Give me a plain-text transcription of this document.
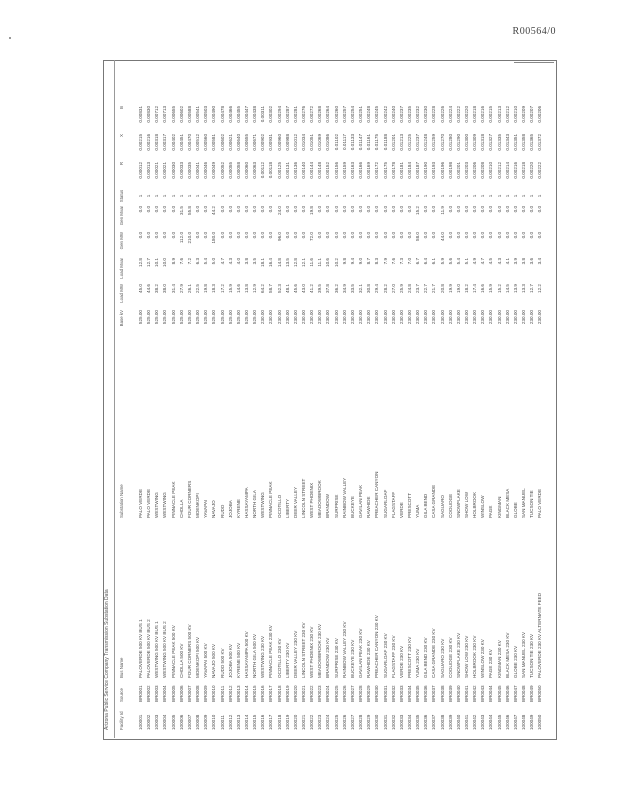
R00564/0
Arizona Public Service Company Transmission Substation Data Facility Id
Source
Bus Name
Substation Name
Base kV
Load MW
Load Mvar
Gen MW
Gen Mvar
Status
R
X
B
100001
BR0001
PALOVERDE 500 KV BUS 1
PALO VERDE
525.00
45.0
12.8
0.0
0.0
1
0.00012
0.00215
0.00831
100002
BR0002
PALOVERDE 500 KV BUS 2
PALO VERDE
525.00
44.6
12.7
0.0
0.0
1
0.00013
0.00216
0.00830
100003
BR0003
WESTWING 500 KV BUS 1
WESTWING
525.00
38.2
10.1
0.0
0.0
1
0.00021
0.00318
0.00712
100004
BR0004
WESTWING 500 KV BUS 2
WESTWING
525.00
38.0
10.0
0.0
0.0
1
0.00021
0.00317
0.00713
100005
BR0005
PINNACLE PEAK 500 KV
PINNACLE PEAK
525.00
31.4
8.9
0.0
0.0
1
0.00030
0.00402
0.00655
100006
BR0006
CHOLLA 500 KV
CHOLLA
525.00
27.9
7.6
112.0
31.5
1
0.00033
0.00451
0.00602
100007
BR0007
FOUR CORNERS 500 KV
FOUR CORNERS
525.00
26.1
7.2
210.0
55.8
1
0.00035
0.00470
0.00588
100008
BR0008
MOENKOPI 500 KV
MOENKOPI
525.00
22.5
6.3
0.0
0.0
1
0.00041
0.00512
0.00541
100009
BR0009
YAVAPAI 500 KV
YAVAPAI
525.00
19.8
5.4
0.0
0.0
1
0.00046
0.00560
0.00503
100010
BR0010
NAVAJO 500 KV
NAVAJO
525.00
18.3
5.0
180.0
44.2
1
0.00049
0.00581
0.00490
100011
BR0011
RUDD 500 KV
RUDD
525.00
17.2
4.7
0.0
0.0
1
0.00052
0.00602
0.00478
100012
BR0012
JOJOBA 500 KV
JOJOBA
525.00
15.9
4.3
0.0
0.0
1
0.00055
0.00621
0.00466
100013
BR0013
KYRENE 500 KV
KYRENE
525.00
14.6
4.0
0.0
0.0
1
0.00058
0.00640
0.00455
100014
BR0014
HASSAYAMPA 500 KV
HASSAYAMPA
525.00
13.8
3.8
0.0
0.0
1
0.00060
0.00655
0.00447
100015
BR0015
NORTH GILA 500 KV
NORTH GILA
525.00
12.9
3.5
0.0
0.0
1
0.00063
0.00671
0.00438
100016
BR0016
WESTWING 230 KV
WESTWING
230.00
64.2
18.1
0.0
0.0
1
0.00112
0.00902
0.00311
100017
BR0017
PINNACLE PEAK 230 KV
PINNACLE PEAK
230.00
58.7
16.4
0.0
0.0
1
0.00118
0.00931
0.00302
100018
BR0018
OCOTILLO 230 KV
OCOTILLO
230.00
52.3
14.8
96.0
24.0
1
0.00125
0.00960
0.00294
100019
BR0019
LIBERTY 230 KV
LIBERTY
230.00
48.1
13.5
0.0
0.0
1
0.00131
0.00988
0.00287
100020
BR0020
DEER VALLEY 230 KV
DEER VALLEY
230.00
45.6
12.8
0.0
0.0
1
0.00136
0.01012
0.00281
100021
BR0021
LINCOLN STREET 230 KV
LINCOLN STREET
230.00
43.0
12.1
0.0
0.0
1
0.00140
0.01034
0.00276
100022
BR0022
WEST PHOENIX 230 KV
WEST PHOENIX
230.00
41.2
11.6
72.0
19.8
1
0.00144
0.01051
0.00272
100023
BR0023
MEADOWBROOK 230 KV
MEADOWBROOK
230.00
39.5
11.1
0.0
0.0
1
0.00148
0.01069
0.00268
100024
BR0024
BRANDOW 230 KV
BRANDOW
230.00
37.8
10.6
0.0
0.0
1
0.00152
0.01086
0.00264
100025
BR0025
SURPRISE 230 KV
SURPRISE
230.00
36.2
10.2
0.0
0.0
1
0.00156
0.01102
0.00260
100026
BR0026
RAINBOW VALLEY 230 KV
RAINBOW VALLEY
230.00
34.9
9.8
0.0
0.0
1
0.00159
0.01117
0.00257
100027
BR0027
BUCKEYE 230 KV
BUCKEYE
230.00
33.5
9.4
0.0
0.0
1
0.00163
0.01133
0.00254
100028
BR0028
GAVILAN PEAK 230 KV
GAVILAN PEAK
230.00
32.1
9.0
0.0
0.0
1
0.00166
0.01147
0.00251
100029
BR0029
RAWHIDE 230 KV
RAWHIDE
230.00
30.8
8.7
0.0
0.0
1
0.00169
0.01161
0.00248
100030
BR0030
PREACHER CANYON 230 KV
PREACHER CANYON
230.00
29.4
8.3
0.0
0.0
1
0.00172
0.01175
0.00245
100031
BR0031
SUGARLOAF 230 KV
SUGARLOAF
230.00
28.2
7.9
0.0
0.0
1
0.00175
0.01188
0.00242
100032
BR0032
FLAGSTAFF 230 KV
FLAGSTAFF
230.00
27.0
7.6
0.0
0.0
1
0.00178
0.01201
0.00240
100033
BR0033
VERDE 230 KV
VERDE
230.00
25.9
7.3
0.0
0.0
1
0.00181
0.01213
0.00237
100034
BR0034
PRESCOTT 230 KV
PRESCOTT
230.00
24.8
7.0
0.0
0.0
1
0.00184
0.01225
0.00235
100035
BR0035
YUMA 230 KV
YUMA
230.00
23.7
6.7
58.0
15.2
1
0.00187
0.01237
0.00232
100036
BR0036
GILA BEND 230 KV
GILA BEND
230.00
22.7
6.4
0.0
0.0
1
0.00190
0.01248
0.00230
100037
BR0037
CASA GRANDE 230 KV
CASA GRANDE
230.00
21.7
6.1
0.0
0.0
1
0.00193
0.01259
0.00228
100038
BR0038
SAGUARO 230 KV
SAGUARO
230.00
20.8
5.9
44.0
11.9
1
0.00196
0.01270
0.00226
100039
BR0039
COOLIDGE 230 KV
COOLIDGE
230.00
19.9
5.6
0.0
0.0
1
0.00198
0.01280
0.00224
100040
BR0040
SNOWFLAKE 230 KV
SNOWFLAKE
230.00
19.0
5.4
0.0
0.0
1
0.00201
0.01290
0.00222
100041
BR0041
SHOW LOW 230 KV
SHOW LOW
230.00
18.2
5.1
0.0
0.0
1
0.00203
0.01300
0.00220
100042
BR0042
HOLBROOK 230 KV
HOLBROOK
230.00
17.4
4.9
0.0
0.0
1
0.00206
0.01309
0.00218
100043
BR0043
WINSLOW 230 KV
WINSLOW
230.00
16.6
4.7
0.0
0.0
1
0.00208
0.01318
0.00216
100044
BR0044
PAGE 230 KV
PAGE
230.00
15.9
4.5
0.0
0.0
1
0.00210
0.01327
0.00215
100045
BR0045
KINGMAN 230 KV
KINGMAN
230.00
15.2
4.3
0.0
0.0
1
0.00212
0.01335
0.00213
100046
BR0046
BLACK MESA 230 KV
BLACK MESA
230.00
14.5
4.1
0.0
0.0
1
0.00214
0.01343
0.00212
100047
BR0047
GLOBE 230 KV
GLOBE
230.00
13.9
3.9
0.0
0.0
1
0.00216
0.01351
0.00210
100048
BR0048
SAN MANUEL 230 KV
SAN MANUEL
230.00
13.3
3.8
0.0
0.0
1
0.00218
0.01358
0.00209
100049
BR0049
TUCSON TIE 230 KV
TUCSON TIE
230.00
12.7
3.6
0.0
0.0
1
0.00220
0.01365
0.00207
100050
BR0050
PALOVERDE 230 KV ALTERNATE FEED
PALO VERDE
230.00
12.2
3.4
0.0
0.0
1
0.00222
0.01372
0.00206
